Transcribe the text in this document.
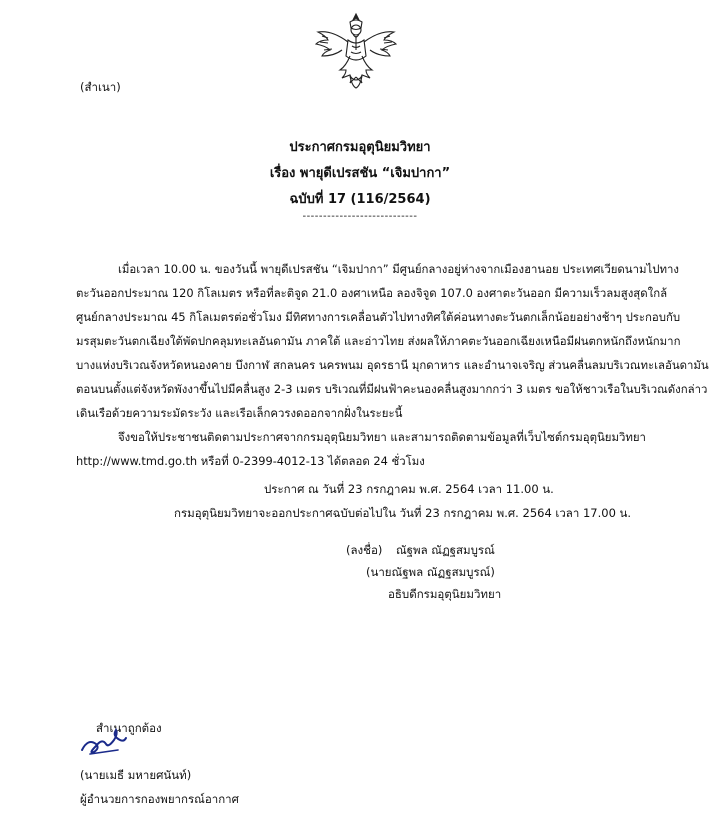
(สำเนา)
ประกาศกรมอุตุนิยมวิทยา
เรื่อง พายุดีเปรสชัน “เจิมปากา”
ฉบับที่ 17 (116/2564)
----------------------------
เมื่อเวลา 10.00 น. ของวันนี้ พายุดีเปรสชัน “เจิมปากา” มีศูนย์กลางอยู่ห่างจากเมืองฮานอย ประเทศเวียดนามไปทาง
ตะวันออกประมาณ 120 กิโลเมตร หรือที่ละติจูด 21.0 องศาเหนือ ลองจิจูด 107.0 องศาตะวันออก มีความเร็วลมสูงสุดใกล้
ศูนย์กลางประมาณ 45 กิโลเมตรต่อชั่วโมง มีทิศทางการเคลื่อนตัวไปทางทิศใต้ค่อนทางตะวันตกเล็กน้อยอย่างช้าๆ ประกอบกับ
มรสุมตะวันตกเฉียงใต้พัดปกคลุมทะเลอันดามัน ภาคใต้ และอ่าวไทย ส่งผลให้ภาคตะวันออกเฉียงเหนือมีฝนตกหนักถึงหนักมาก
บางแห่งบริเวณจังหวัดหนองคาย บึงกาฬ สกลนคร นครพนม อุดรธานี มุกดาหาร และอำนาจเจริญ ส่วนคลื่นลมบริเวณทะเลอันดามัน
ตอนบนตั้งแต่จังหวัดพังงาขึ้นไปมีคลื่นสูง 2-3 เมตร บริเวณที่มีฝนฟ้าคะนองคลื่นสูงมากกว่า 3 เมตร ขอให้ชาวเรือในบริเวณดังกล่าว
เดินเรือด้วยความระมัดระวัง และเรือเล็กควรงดออกจากฝั่งในระยะนี้
จึงขอให้ประชาชนติดตามประกาศจากกรมอุตุนิยมวิทยา และสามารถติดตามข้อมูลที่เว็บไซต์กรมอุตุนิยมวิทยา
http://www.tmd.go.th หรือที่ 0-2399-4012-13 ได้ตลอด 24 ชั่วโมง
ประกาศ ณ วันที่ 23 กรกฎาคม พ.ศ. 2564 เวลา 11.00 น.
กรมอุตุนิยมวิทยาจะออกประกาศฉบับต่อไปใน วันที่ 23 กรกฎาคม พ.ศ. 2564 เวลา 17.00 น.
(ลงชื่อ) ณัฐพล ณัฏฐสมบูรณ์
(นายณัฐพล ณัฏฐสมบูรณ์)
อธิบดีกรมอุตุนิยมวิทยา
สำเนาถูกต้อง
(นายเมธี มหายศนันท์)
ผู้อำนวยการกองพยากรณ์อากาศ
